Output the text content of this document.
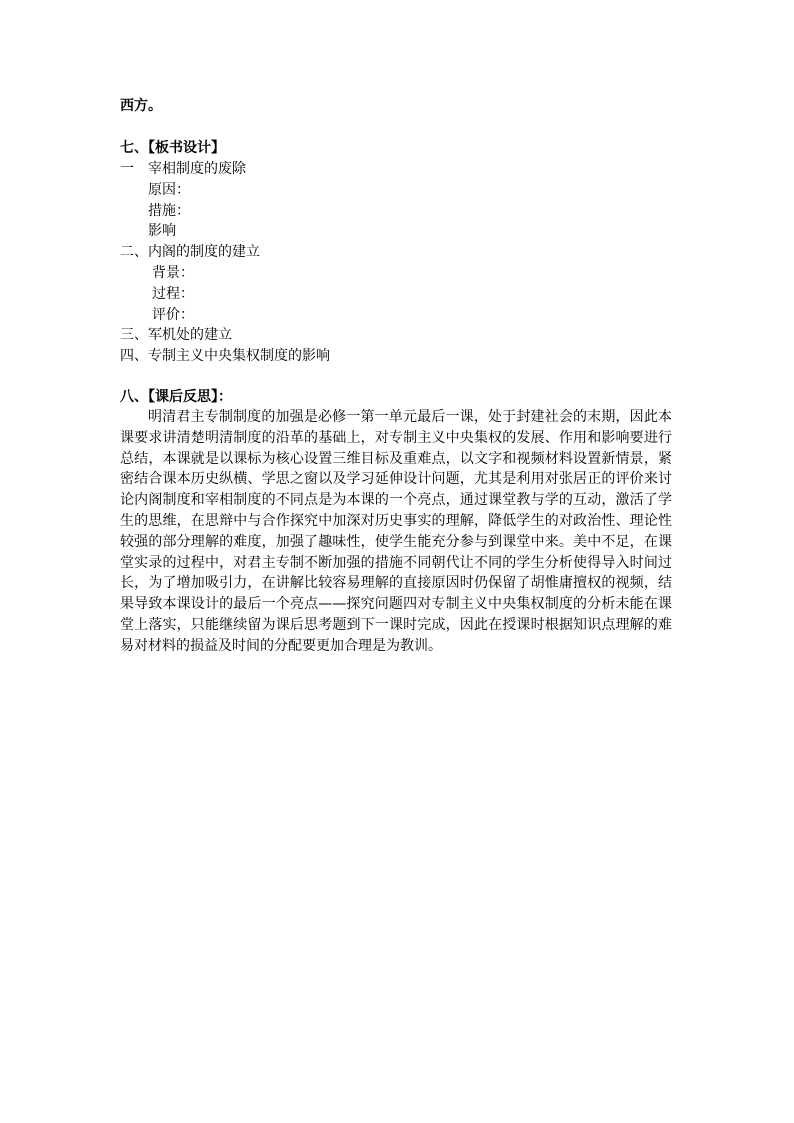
西方。
七、【板书设计】
一　宰相制度的废除
原因：
措施：
影响
二、内阁的制度的建立
背景：
过程：
评价：
三、军机处的建立
四、专制主义中央集权制度的影响
八、【课后反思】：
明清君主专制制度的加强是必修一第一单元最后一课，处于封建社会的末期，因此本课要求讲清楚明清制度的沿革的基础上，对专制主义中央集权的发展、作用和影响要进行总结，本课就是以课标为核心设置三维目标及重难点，以文字和视频材料设置新情景，紧密结合课本历史纵横、学思之窗以及学习延伸设计问题，尤其是利用对张居正的评价来讨论内阁制度和宰相制度的不同点是为本课的一个亮点，通过课堂教与学的互动，激活了学生的思维，在思辩中与合作探究中加深对历史事实的理解，降低学生的对政治性、理论性较强的部分理解的难度，加强了趣味性，使学生能充分参与到课堂中来。美中不足，在课堂实录的过程中，对君主专制不断加强的措施不同朝代让不同的学生分析使得导入时间过长，为了增加吸引力，在讲解比较容易理解的直接原因时仍保留了胡惟庸擅权的视频，结果导致本课设计的最后一个亮点——探究问题四对专制主义中央集权制度的分析未能在课堂上落实，只能继续留为课后思考题到下一课时完成，因此在授课时根据知识点理解的难易对材料的损益及时间的分配要更加合理是为教训。
